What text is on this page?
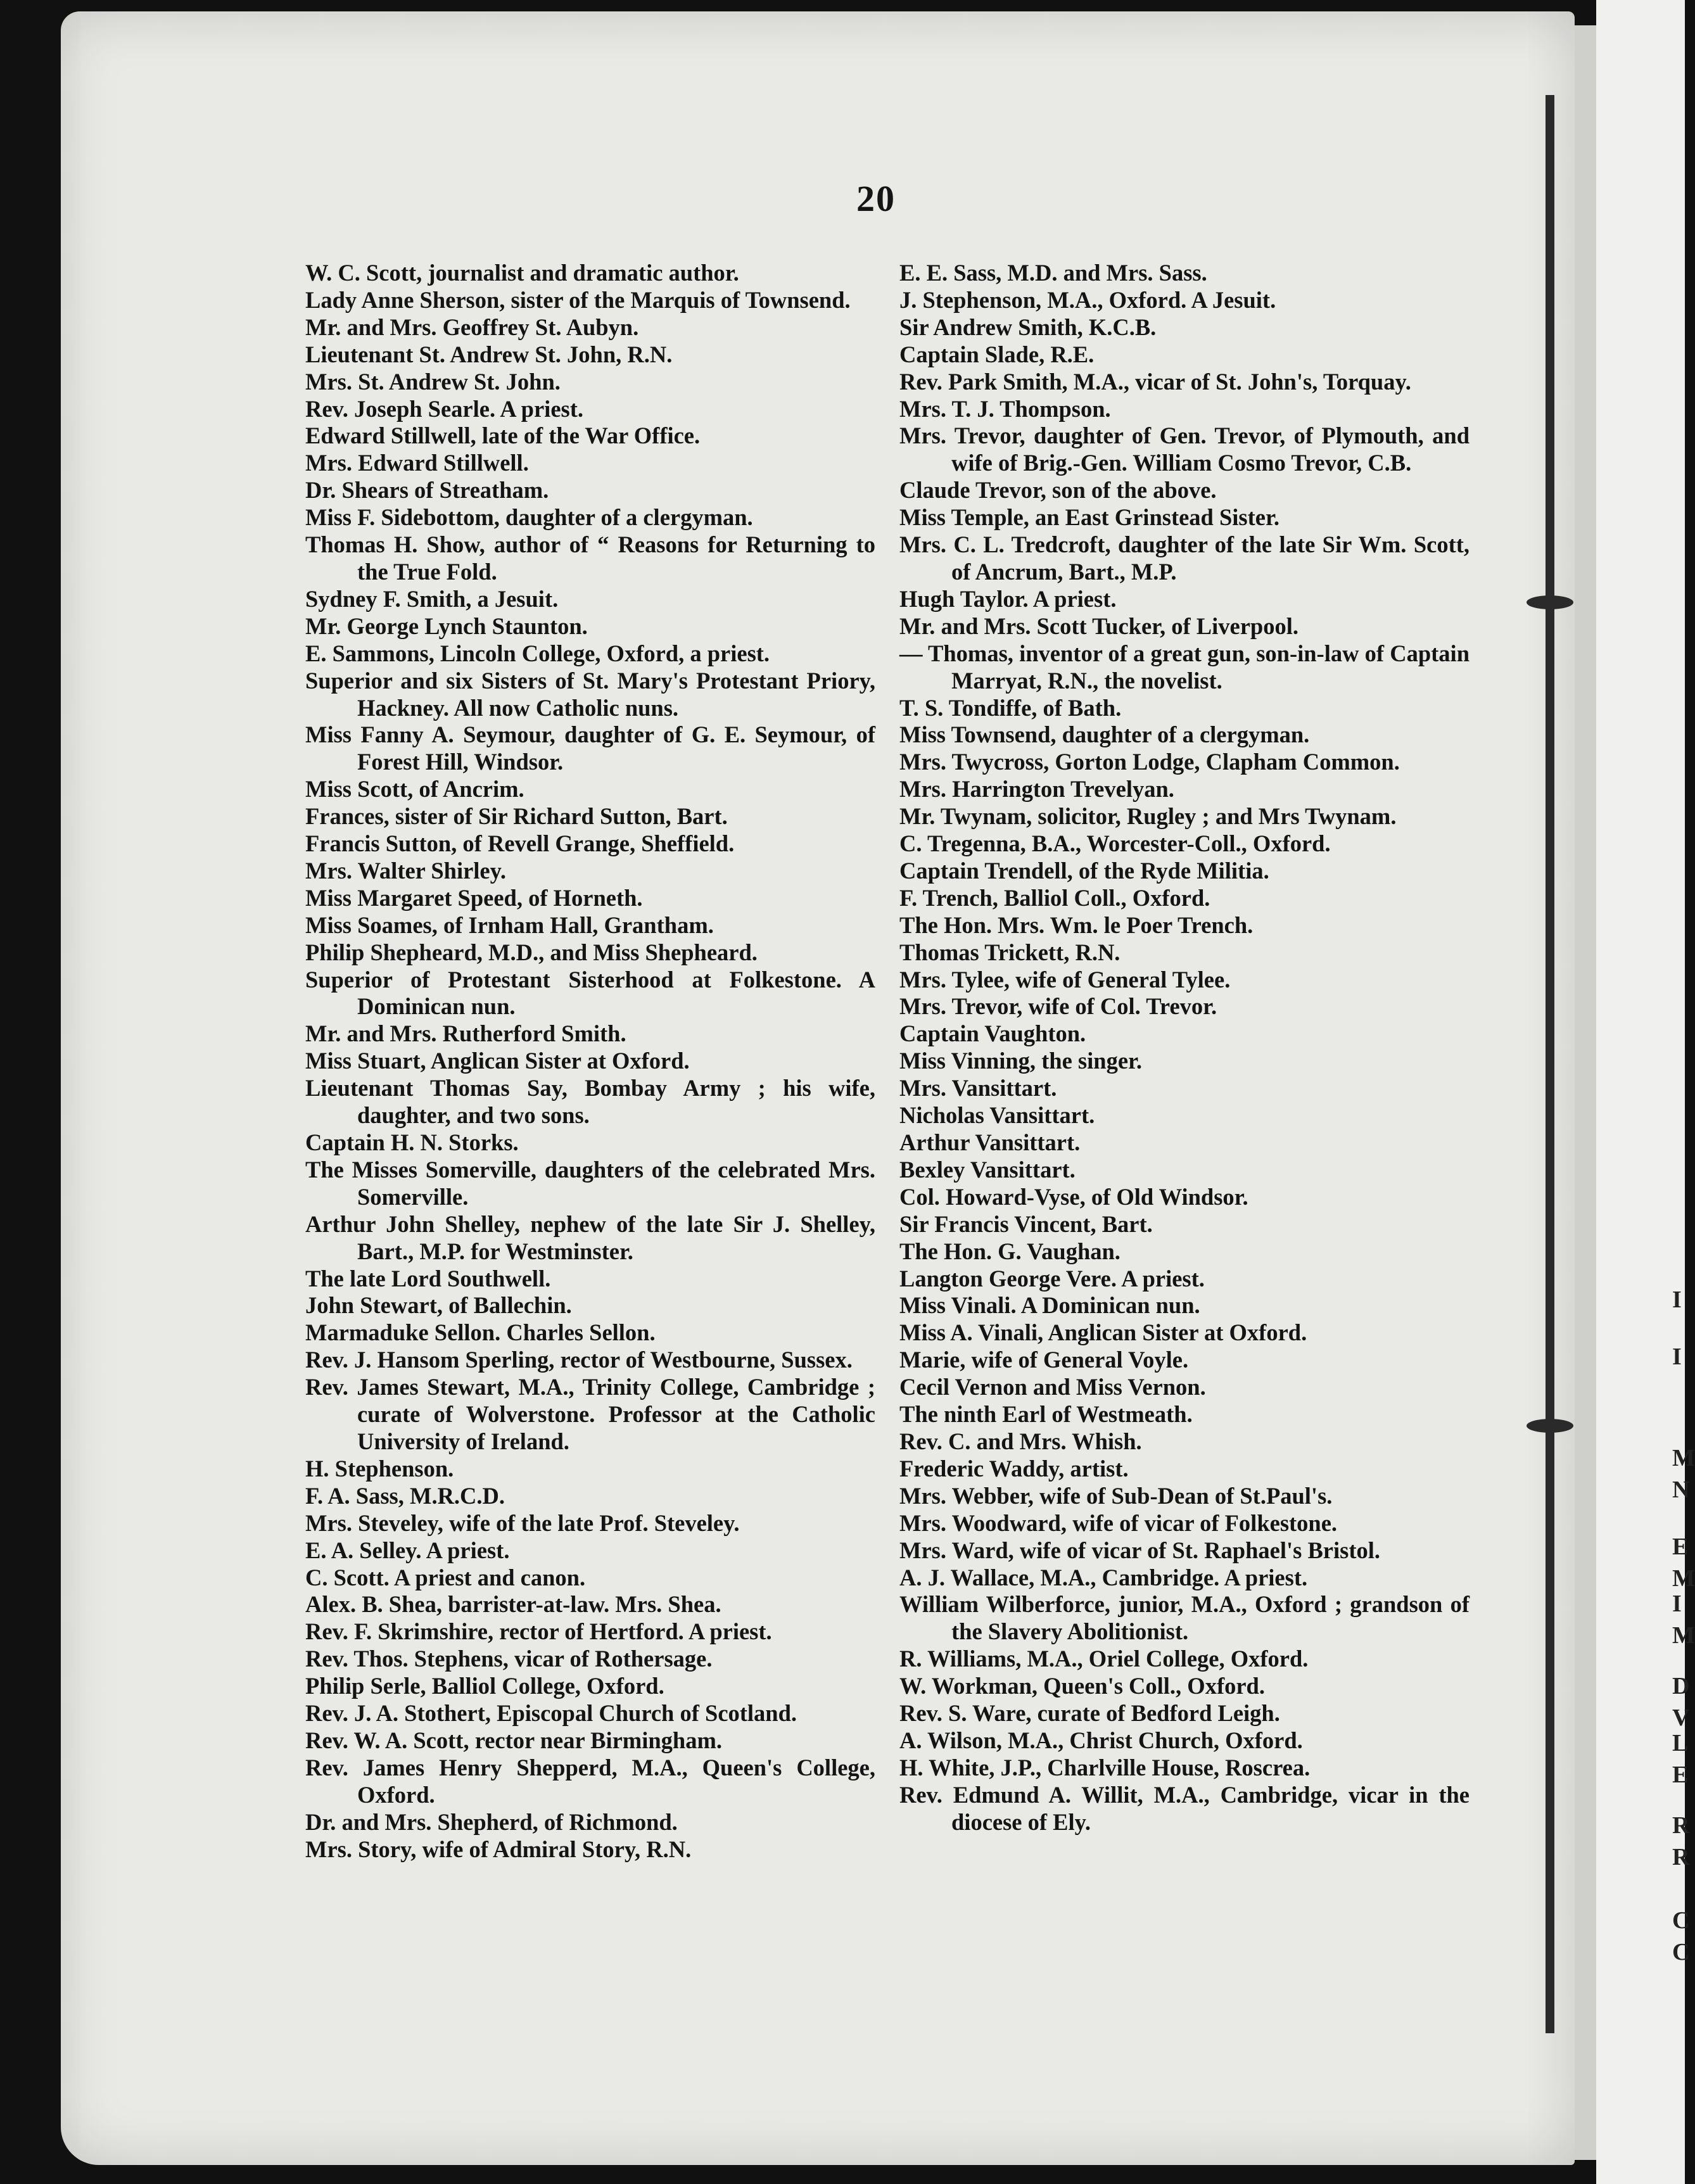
20
W. C. Scott, journalist and dramatic author.
Lady Anne Sherson, sister of the Marquis of Townsend.
Mr. and Mrs. Geoffrey St. Aubyn.
Lieutenant St. Andrew St. John, R.N.
Mrs. St. Andrew St. John.
Rev. Joseph Searle. A priest.
Edward Stillwell, late of the War Office.
Mrs. Edward Stillwell.
Dr. Shears of Streatham.
Miss F. Sidebottom, daughter of a clergyman.
Thomas H. Show, author of “ Reasons for Returning to the True Fold.
Sydney F. Smith, a Jesuit.
Mr. George Lynch Staunton.
E. Sammons, Lincoln College, Oxford, a priest.
Superior and six Sisters of St. Mary's Protestant Priory, Hackney. All now Catholic nuns.
Miss Fanny A. Seymour, daughter of G. E. Seymour, of Forest Hill, Windsor.
Miss Scott, of Ancrim.
Frances, sister of Sir Richard Sutton, Bart.
Francis Sutton, of Revell Grange, Sheffield.
Mrs. Walter Shirley.
Miss Margaret Speed, of Horneth.
Miss Soames, of Irnham Hall, Grantham.
Philip Shepheard, M.D., and Miss Shepheard.
Superior of Protestant Sisterhood at Folkestone. A Dominican nun.
Mr. and Mrs. Rutherford Smith.
Miss Stuart, Anglican Sister at Oxford.
Lieutenant Thomas Say, Bombay Army ; his wife, daughter, and two sons.
Captain H. N. Storks.
The Misses Somerville, daughters of the celebrated Mrs. Somerville.
Arthur John Shelley, nephew of the late Sir J. Shelley, Bart., M.P. for Westminster.
The late Lord Southwell.
John Stewart, of Ballechin.
Marmaduke Sellon. Charles Sellon.
Rev. J. Hansom Sperling, rector of Westbourne, Sussex.
Rev. James Stewart, M.A., Trinity College, Cambridge ; curate of Wolverstone. Professor at the Catholic University of Ireland.
H. Stephenson.
F. A. Sass, M.R.C.D.
Mrs. Steveley, wife of the late Prof. Steveley.
E. A. Selley. A priest.
C. Scott. A priest and canon.
Alex. B. Shea, barrister-at-law. Mrs. Shea.
Rev. F. Skrimshire, rector of Hertford. A priest.
Rev. Thos. Stephens, vicar of Rothersage.
Philip Serle, Balliol College, Oxford.
Rev. J. A. Stothert, Episcopal Church of Scotland.
Rev. W. A. Scott, rector near Birmingham.
Rev. James Henry Shepperd, M.A., Queen's College, Oxford.
Dr. and Mrs. Shepherd, of Richmond.
Mrs. Story, wife of Admiral Story, R.N.
E. E. Sass, M.D. and Mrs. Sass.
J. Stephenson, M.A., Oxford. A Jesuit.
Sir Andrew Smith, K.C.B.
Captain Slade, R.E.
Rev. Park Smith, M.A., vicar of St. John's, Torquay.
Mrs. T. J. Thompson.
Mrs. Trevor, daughter of Gen. Trevor, of Plymouth, and wife of Brig.-Gen. William Cosmo Trevor, C.B.
Claude Trevor, son of the above.
Miss Temple, an East Grinstead Sister.
Mrs. C. L. Tredcroft, daughter of the late Sir Wm. Scott, of Ancrum, Bart., M.P.
Hugh Taylor. A priest.
Mr. and Mrs. Scott Tucker, of Liverpool.
— Thomas, inventor of a great gun, son-in-law of Captain Marryat, R.N., the novelist.
T. S. Tondiffe, of Bath.
Miss Townsend, daughter of a clergyman.
Mrs. Twycross, Gorton Lodge, Clapham Common.
Mrs. Harrington Trevelyan.
Mr. Twynam, solicitor, Rugley ; and Mrs Twynam.
C. Tregenna, B.A., Worcester-Coll., Oxford.
Captain Trendell, of the Ryde Militia.
F. Trench, Balliol Coll., Oxford.
The Hon. Mrs. Wm. le Poer Trench.
Thomas Trickett, R.N.
Mrs. Tylee, wife of General Tylee.
Mrs. Trevor, wife of Col. Trevor.
Captain Vaughton.
Miss Vinning, the singer.
Mrs. Vansittart.
Nicholas Vansittart.
Arthur Vansittart.
Bexley Vansittart.
Col. Howard-Vyse, of Old Windsor.
Sir Francis Vincent, Bart.
The Hon. G. Vaughan.
Langton George Vere. A priest.
Miss Vinali. A Dominican nun.
Miss A. Vinali, Anglican Sister at Oxford.
Marie, wife of General Voyle.
Cecil Vernon and Miss Vernon.
The ninth Earl of Westmeath.
Rev. C. and Mrs. Whish.
Frederic Waddy, artist.
Mrs. Webber, wife of Sub-Dean of St.Paul's.
Mrs. Woodward, wife of vicar of Folkestone.
Mrs. Ward, wife of vicar of St. Raphael's Bristol.
A. J. Wallace, M.A., Cambridge. A priest.
William Wilberforce, junior, M.A., Oxford ; grandson of the Slavery Abolitionist.
R. Williams, M.A., Oriel College, Oxford.
W. Workman, Queen's Coll., Oxford.
Rev. S. Ware, curate of Bedford Leigh.
A. Wilson, M.A., Christ Church, Oxford.
H. White, J.P., Charlville House, Roscrea.
Rev. Edmund A. Willit, M.A., Cambridge, vicar in the diocese of Ely.
I
I
M
N
E
M
I
M
D
V
L
E
R
R
C
C
